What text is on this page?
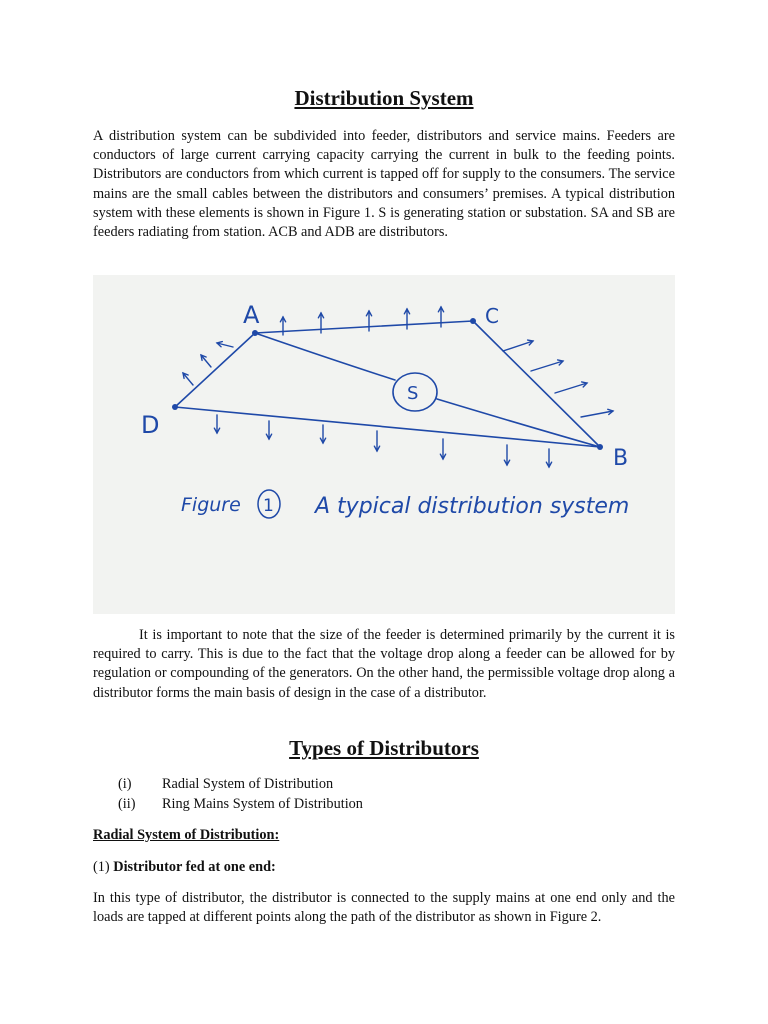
Distribution System

A distribution system can be subdivided into feeder, distributors and service mains. Feeders are conductors of large current carrying capacity carrying the current in bulk to the feeding points. Distributors are conductors from which current is tapped off for supply to the consumers. The service mains are the small cables between the distributors and consumers’ premises. A typical distribution system with these elements is shown in Figure 1. S is generating station or substation. SA and SB are feeders radiating from station. ACB and ADB are distributors.

A	C
D
B
S
Figure 1 A typical distribution system

It is important to note that the size of the feeder is determined primarily by the current it is required to carry. This is due to the fact that the voltage drop along a feeder can be allowed for by regulation or compounding of the generators. On the other hand, the permissible voltage drop along a distributor forms the main basis of design in the case of a distributor.

Types of Distributors
(i) Radial System of Distribution
(ii) Ring Mains System of Distribution

Radial System of Distribution:

(1) Distributor fed at one end:

In this type of distributor, the distributor is connected to the supply mains at one end only and the loads are tapped at different points along the path of the distributor as shown in Figure 2.
